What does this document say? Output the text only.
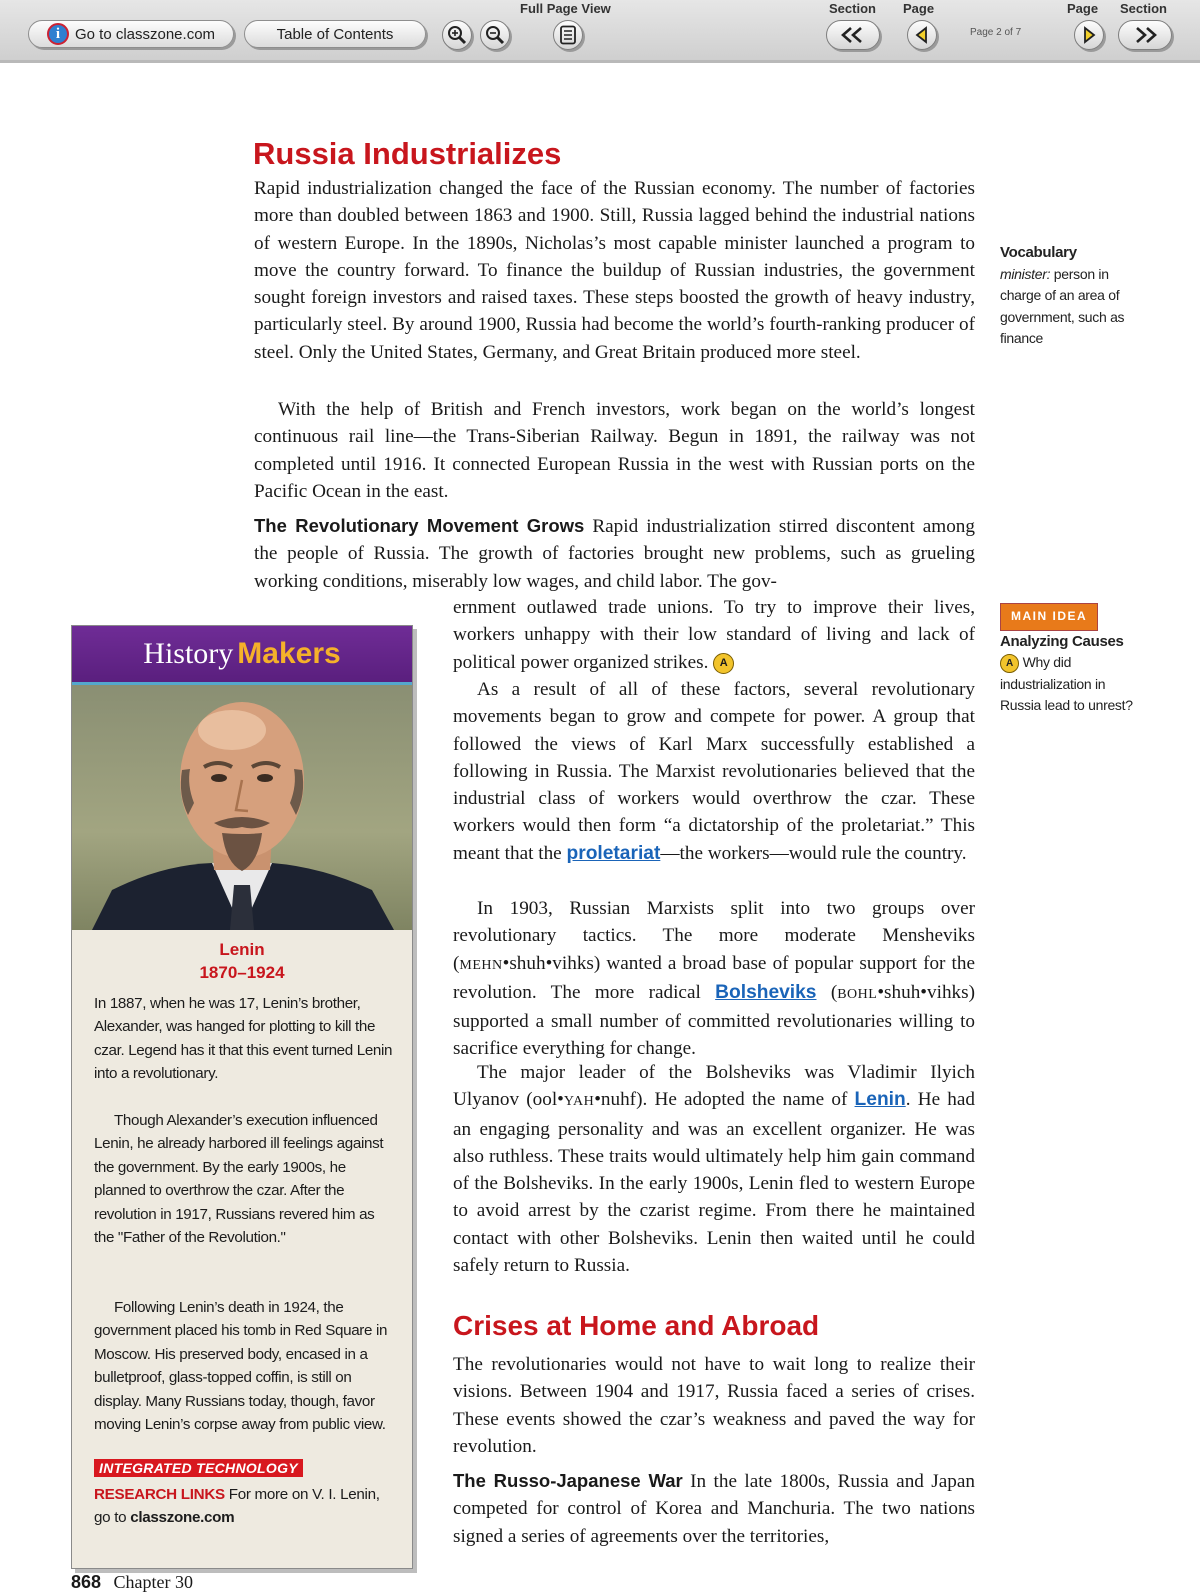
i Go to classzone.com	Table of Contents
Full Page View	Section Page
Page 2 of 7
Page Section
Russia Industrializes

Rapid industrialization changed the face of the Russian economy. The number of factories more than doubled between 1863 and 1900. Still, Russia lagged behind the industrial nations of western Europe. In the 1890s, Nicholas’s most capable minister launched a program to move the country forward. To finance the buildup of Russian industries, the government sought foreign investors and raised taxes. These steps boosted the growth of heavy industry, particularly steel. By around 1900, Russia had become the world’s fourth-ranking producer of steel. Only the United States, Germany, and Great Britain produced more steel.

With the help of British and French investors, work began on the world’s longest continuous rail line—the Trans-Siberian Railway. Begun in 1891, the railway was not completed until 1916. It connected European Russia in the west with Russian ports on the Pacific Ocean in the east.

The Revolutionary Movement Grows Rapid industrialization stirred discontent among the people of Russia. The growth of factories brought new problems, such as grueling working conditions, miserably low wages, and child labor. The gov-

ernment outlawed trade unions. To try to improve their lives, workers unhappy with their low standard of living and lack of political power organized strikes. A

As a result of all of these factors, several revolutionary movements began to grow and compete for power. A group that followed the views of Karl Marx successfully established a following in Russia. The Marxist revolutionaries believed that the industrial class of workers would overthrow the czar. These workers would then form “a dictatorship of the proletariat.” This meant that the proletariat—the workers—would rule the country.

In 1903, Russian Marxists split into two groups over revolutionary tactics. The more moderate Mensheviks (MEHN•shuh•vihks) wanted a broad base of popular support for the revolution. The more radical Bolsheviks (BOHL•shuh•vihks) supported a small number of committed revolutionaries willing to sacrifice everything for change.

The major leader of the Bolsheviks was Vladimir Ilyich Ulyanov (ool•YAH•nuhf). He adopted the name of Lenin. He had an engaging personality and was an excellent organizer. He was also ruthless. These traits would ultimately help him gain command of the Bolsheviks. In the early 1900s, Lenin fled to western Europe to avoid arrest by the czarist regime. From there he maintained contact with other Bolsheviks. Lenin then waited until he could safely return to Russia.

Crises at Home and Abroad

The revolutionaries would not have to wait long to realize their visions. Between 1904 and 1917, Russia faced a series of crises. These events showed the czar’s weakness and paved the way for revolution.

The Russo-Japanese War In the late 1800s, Russia and Japan competed for control of Korea and Manchuria. The two nations signed a series of agreements over the territories,

Vocabulary
minister: person in charge of an area of government, such as finance
MAIN IDEA
Analyzing Causes
A Why did industrialization in Russia lead to unrest?
History Makers
Lenin
1870–1924

In 1887, when he was 17, Lenin’s brother, Alexander, was hanged for plotting to kill the czar. Legend has it that this event turned Lenin into a revolutionary.

Though Alexander’s execution influenced Lenin, he already harbored ill feelings against the government. By the early 1900s, he planned to overthrow the czar. After the revolution in 1917, Russians revered him as the "Father of the Revolution."

Following Lenin’s death in 1924, the government placed his tomb in Red Square in Moscow. His preserved body, encased in a bulletproof, glass-topped coffin, is still on display. Many Russians today, though, favor moving Lenin’s corpse away from public view.

INTEGRATED TECHNOLOGY
RESEARCH LINKS For more on V. I. Lenin, go to classzone.com
868 Chapter 30
